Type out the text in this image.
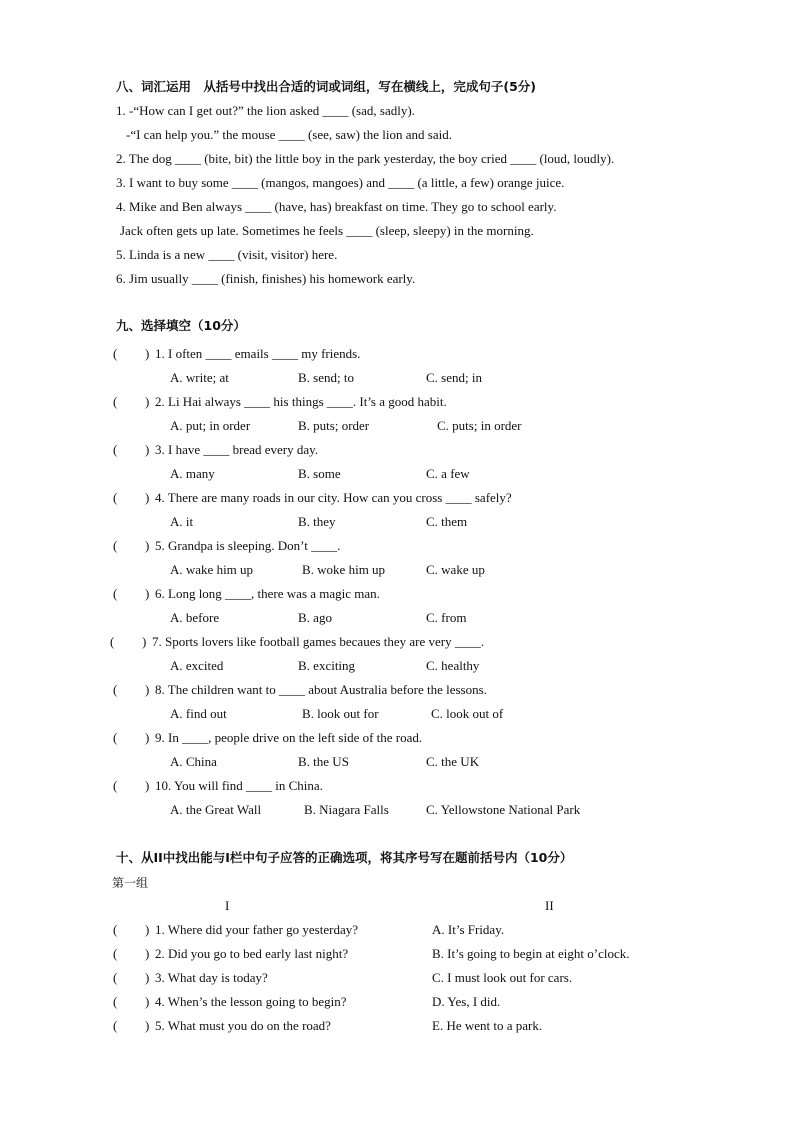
八、词汇运用 从括号中找出合适的词或词组，写在横线上，完成句子(5分)
1. -“How can I get out?” the lion asked ____ (sad, sadly).
-“I can help you.” the mouse ____ (see, saw) the lion and said.
2. The dog ____ (bite, bit) the little boy in the park yesterday, the boy cried ____ (loud, loudly).
3. I want to buy some ____ (mangos, mangoes) and ____ (a little, a few) orange juice.
4. Mike and Ben always ____ (have, has) breakfast on time. They go to school early.
Jack often gets up late. Sometimes he feels ____ (sleep, sleepy) in the morning.
5. Linda is a new ____ (visit, visitor) here.
6. Jim usually ____ (finish, finishes) his homework early.
九、选择填空（10分）
( ) 1. I often ____ emails ____ my friends.
A. write; at	B. send; to	C. send; in
( ) 2. Li Hai always ____ his things ____. It’s a good habit.
A. put; in order	B. puts; order	C. puts; in order
( ) 3. I have ____ bread every day.
A. many	B. some	C. a few
( ) 4. There are many roads in our city. How can you cross ____ safely?
A. it	B. they	C. them
( ) 5. Grandpa is sleeping. Don’t ____.
A. wake him up	B. woke him up	C. wake up
( ) 6. Long long ____, there was a magic man.
A. before	B. ago	C. from
( ) 7. Sports lovers like football games becaues they are very ____.
A. excited	B. exciting	C. healthy
( ) 8. The children want to ____ about Australia before the lessons.
A. find out	B. look out for	C. look out of
( ) 9. In ____, people drive on the left side of the road.
A. China	B. the US	C. the UK
( ) 10. You will find ____ in China.
A. the Great Wall	B. Niagara Falls	C. Yellowstone National Park
十、从II中找出能与I栏中句子应答的正确选项，将其序号写在题前括号内（10分）
第一组
I	II
( ) 1. Where did your father go yesterday?	A. It’s Friday.
( ) 2. Did you go to bed early last night?	B. It’s going to begin at eight o’clock.
( ) 3. What day is today?	C. I must look out for cars.
( ) 4. When’s the lesson going to begin?	D. Yes, I did.
( ) 5. What must you do on the road?	E. He went to a park.
